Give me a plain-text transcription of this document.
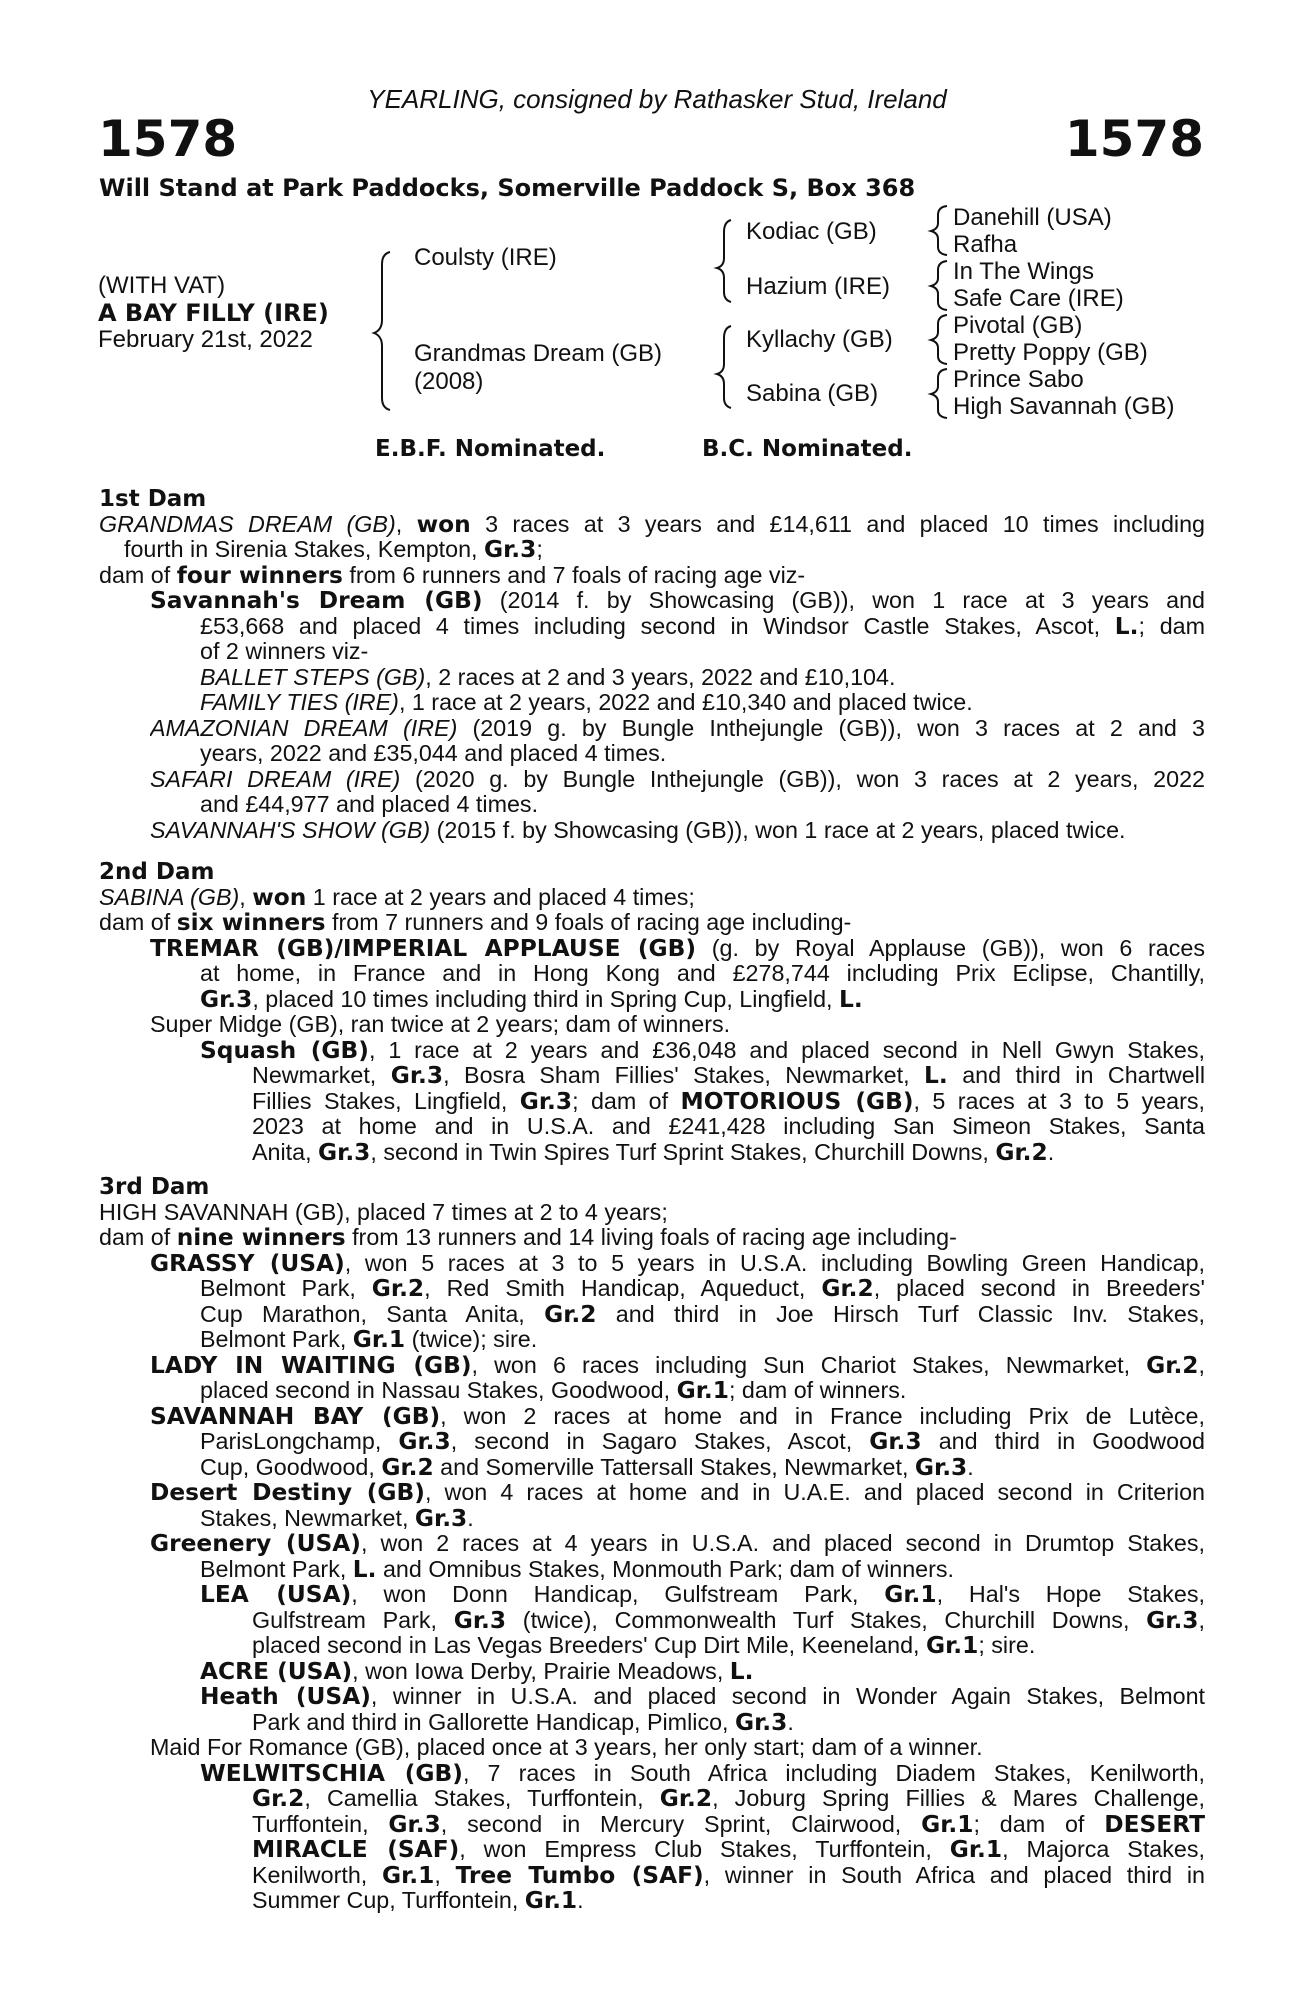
YEARLING, consigned by Rathasker Stud, Ireland
1578	1578
Will Stand at Park Paddocks, Somerville Paddock S, Box 368
(WITH VAT)
A BAY FILLY (IRE)
February 21st, 2022
Coulsty (IRE)
Grandmas Dream (GB)
(2008)
Kodiac (GB)
Hazium (IRE)
Kyllachy (GB)
Sabina (GB)
Danehill (USA)
Rafha
In The Wings
Safe Care (IRE)
Pivotal (GB)
Pretty Poppy (GB)
Prince Sabo
High Savannah (GB)
E.B.F. Nominated.	B.C. Nominated.
1st Dam
GRANDMAS DREAM (GB), won 3 races at 3 years and £14,611 and placed 10 times including
fourth in Sirenia Stakes, Kempton, Gr.3;
dam of four winners from 6 runners and 7 foals of racing age viz-
Savannah's Dream (GB) (2014 f. by Showcasing (GB)), won 1 race at 3 years and
£53,668 and placed 4 times including second in Windsor Castle Stakes, Ascot, L.; dam
of 2 winners viz-
BALLET STEPS (GB), 2 races at 2 and 3 years, 2022 and £10,104.
FAMILY TIES (IRE), 1 race at 2 years, 2022 and £10,340 and placed twice.
AMAZONIAN DREAM (IRE) (2019 g. by Bungle Inthejungle (GB)), won 3 races at 2 and 3
years, 2022 and £35,044 and placed 4 times.
SAFARI DREAM (IRE) (2020 g. by Bungle Inthejungle (GB)), won 3 races at 2 years, 2022
and £44,977 and placed 4 times.
SAVANNAH'S SHOW (GB) (2015 f. by Showcasing (GB)), won 1 race at 2 years, placed twice.
2nd Dam
SABINA (GB), won 1 race at 2 years and placed 4 times;
dam of six winners from 7 runners and 9 foals of racing age including-
TREMAR (GB)/IMPERIAL APPLAUSE (GB) (g. by Royal Applause (GB)), won 6 races
at home, in France and in Hong Kong and £278,744 including Prix Eclipse, Chantilly,
Gr.3, placed 10 times including third in Spring Cup, Lingfield, L.
Super Midge (GB), ran twice at 2 years; dam of winners.
Squash (GB), 1 race at 2 years and £36,048 and placed second in Nell Gwyn Stakes,
Newmarket, Gr.3, Bosra Sham Fillies' Stakes, Newmarket, L. and third in Chartwell
Fillies Stakes, Lingfield, Gr.3; dam of MOTORIOUS (GB), 5 races at 3 to 5 years,
2023 at home and in U.S.A. and £241,428 including San Simeon Stakes, Santa
Anita, Gr.3, second in Twin Spires Turf Sprint Stakes, Churchill Downs, Gr.2.
3rd Dam
HIGH SAVANNAH (GB), placed 7 times at 2 to 4 years;
dam of nine winners from 13 runners and 14 living foals of racing age including-
GRASSY (USA), won 5 races at 3 to 5 years in U.S.A. including Bowling Green Handicap,
Belmont Park, Gr.2, Red Smith Handicap, Aqueduct, Gr.2, placed second in Breeders'
Cup Marathon, Santa Anita, Gr.2 and third in Joe Hirsch Turf Classic Inv. Stakes,
Belmont Park, Gr.1 (twice); sire.
LADY IN WAITING (GB), won 6 races including Sun Chariot Stakes, Newmarket, Gr.2,
placed second in Nassau Stakes, Goodwood, Gr.1; dam of winners.
SAVANNAH BAY (GB), won 2 races at home and in France including Prix de Lutèce,
ParisLongchamp, Gr.3, second in Sagaro Stakes, Ascot, Gr.3 and third in Goodwood
Cup, Goodwood, Gr.2 and Somerville Tattersall Stakes, Newmarket, Gr.3.
Desert Destiny (GB), won 4 races at home and in U.A.E. and placed second in Criterion
Stakes, Newmarket, Gr.3.
Greenery (USA), won 2 races at 4 years in U.S.A. and placed second in Drumtop Stakes,
Belmont Park, L. and Omnibus Stakes, Monmouth Park; dam of winners.
LEA (USA), won Donn Handicap, Gulfstream Park, Gr.1, Hal's Hope Stakes,
Gulfstream Park, Gr.3 (twice), Commonwealth Turf Stakes, Churchill Downs, Gr.3,
placed second in Las Vegas Breeders' Cup Dirt Mile, Keeneland, Gr.1; sire.
ACRE (USA), won Iowa Derby, Prairie Meadows, L.
Heath (USA), winner in U.S.A. and placed second in Wonder Again Stakes, Belmont
Park and third in Gallorette Handicap, Pimlico, Gr.3.
Maid For Romance (GB), placed once at 3 years, her only start; dam of a winner.
WELWITSCHIA (GB), 7 races in South Africa including Diadem Stakes, Kenilworth,
Gr.2, Camellia Stakes, Turffontein, Gr.2, Joburg Spring Fillies & Mares Challenge,
Turffontein, Gr.3, second in Mercury Sprint, Clairwood, Gr.1; dam of DESERT
MIRACLE (SAF), won Empress Club Stakes, Turffontein, Gr.1, Majorca Stakes,
Kenilworth, Gr.1, Tree Tumbo (SAF), winner in South Africa and placed third in
Summer Cup, Turffontein, Gr.1.
